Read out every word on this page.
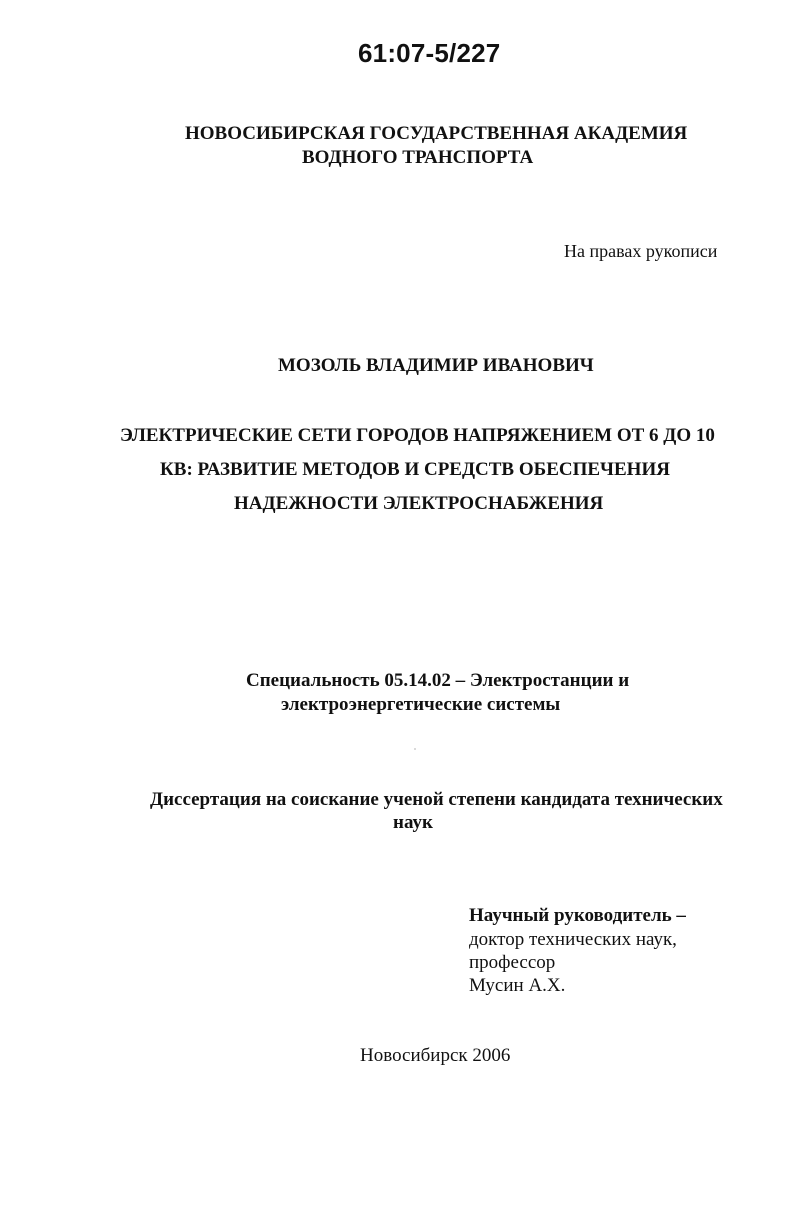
61:07-5/227
НОВОСИБИРСКАЯ ГОСУДАРСТВЕННАЯ АКАДЕМИЯ
ВОДНОГО ТРАНСПОРТА
На правах рукописи
МОЗОЛЬ ВЛАДИМИР ИВАНОВИЧ
ЭЛЕКТРИЧЕСКИЕ СЕТИ ГОРОДОВ НАПРЯЖЕНИЕМ ОТ 6 ДО 10
КВ: РАЗВИТИЕ МЕТОДОВ И СРЕДСТВ ОБЕСПЕЧЕНИЯ
НАДЕЖНОСТИ ЭЛЕКТРОСНАБЖЕНИЯ
Специальность 05.14.02 – Электростанции и
электроэнергетические системы
Диссертация на соискание ученой степени кандидата технических
наук
Научный руководитель –
доктор технических наук,
профессор
Мусин А.Х.
Новосибирск 2006
